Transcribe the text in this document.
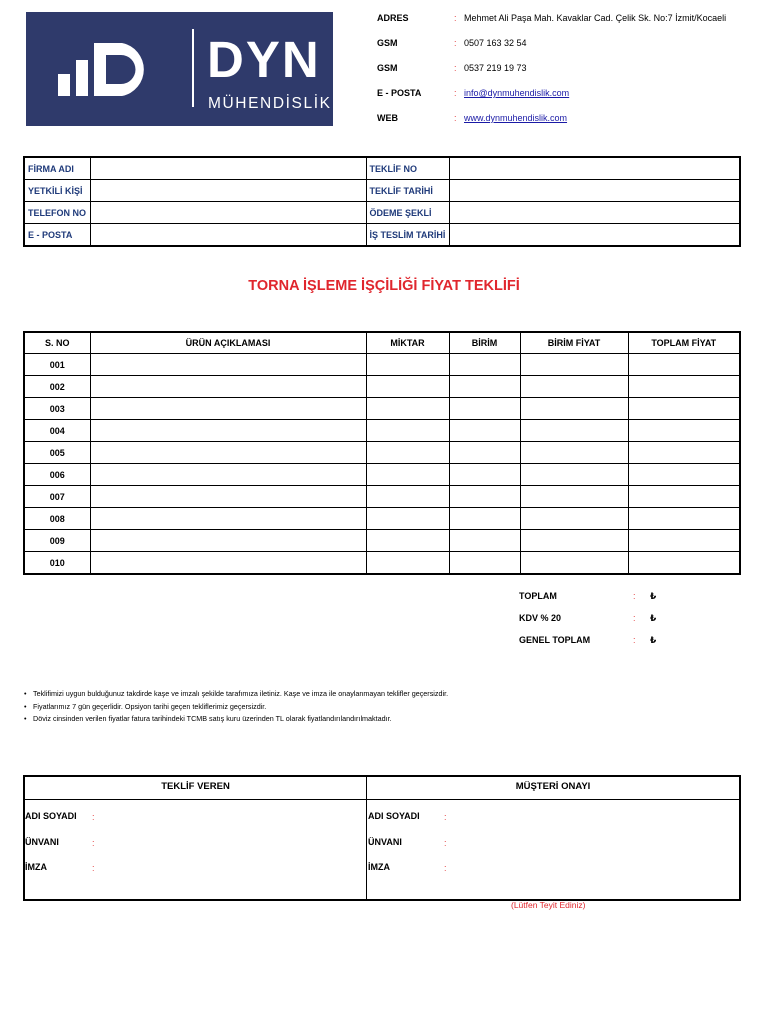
DYN
MÜHENDİSLİK
ADRES	: Mehmet Ali Paşa Mah. Kavaklar Cad. Çelik Sk. No:7 İzmit/Kocaeli
GSM	: 0507 163 32 54
GSM	: 0537 219 19 73
E - POSTA	: info@dynmuhendislik.com
WEB	: www.dynmuhendislik.com
FİRMA ADI		TEKLİF NO	
YETKİLİ KİŞİ		TEKLİF TARİHİ	
TELEFON NO		ÖDEME ŞEKLİ	
E - POSTA		İŞ TESLİM TARİHİ	
TORNA İŞLEME İŞÇİLİĞİ FİYAT TEKLİFİ
S. NO	ÜRÜN AÇIKLAMASI	MİKTAR	BİRİM	BİRİM FİYAT	TOPLAM FİYAT
001					
002					
003					
004					
005					
006					
007					
008					
009					
010					
TOPLAM	: ₺
KDV % 20	: ₺
GENEL TOPLAM	: ₺
• Teklifimizi uygun bulduğunuz takdirde kaşe ve imzalı şekilde tarafımıza iletiniz. Kaşe ve imza ile onaylanmayan teklifler geçersizdir.
• Fiyatlarımız 7 gün geçerlidir. Opsiyon tarihi geçen tekliflerimiz geçersizdir.
• Döviz cinsinden verilen fiyatlar fatura tarihindeki TCMB satış kuru üzerinden TL olarak fiyatlandırılandırılmaktadır.
TEKLİF VEREN	MÜŞTERİ ONAYI
ADI SOYADI :
ÜNVANI	:
İMZA	:
ADI SOYADI	:
ÜNVANI	:
İMZA	:
(Lütfen Teyit Ediniz)
